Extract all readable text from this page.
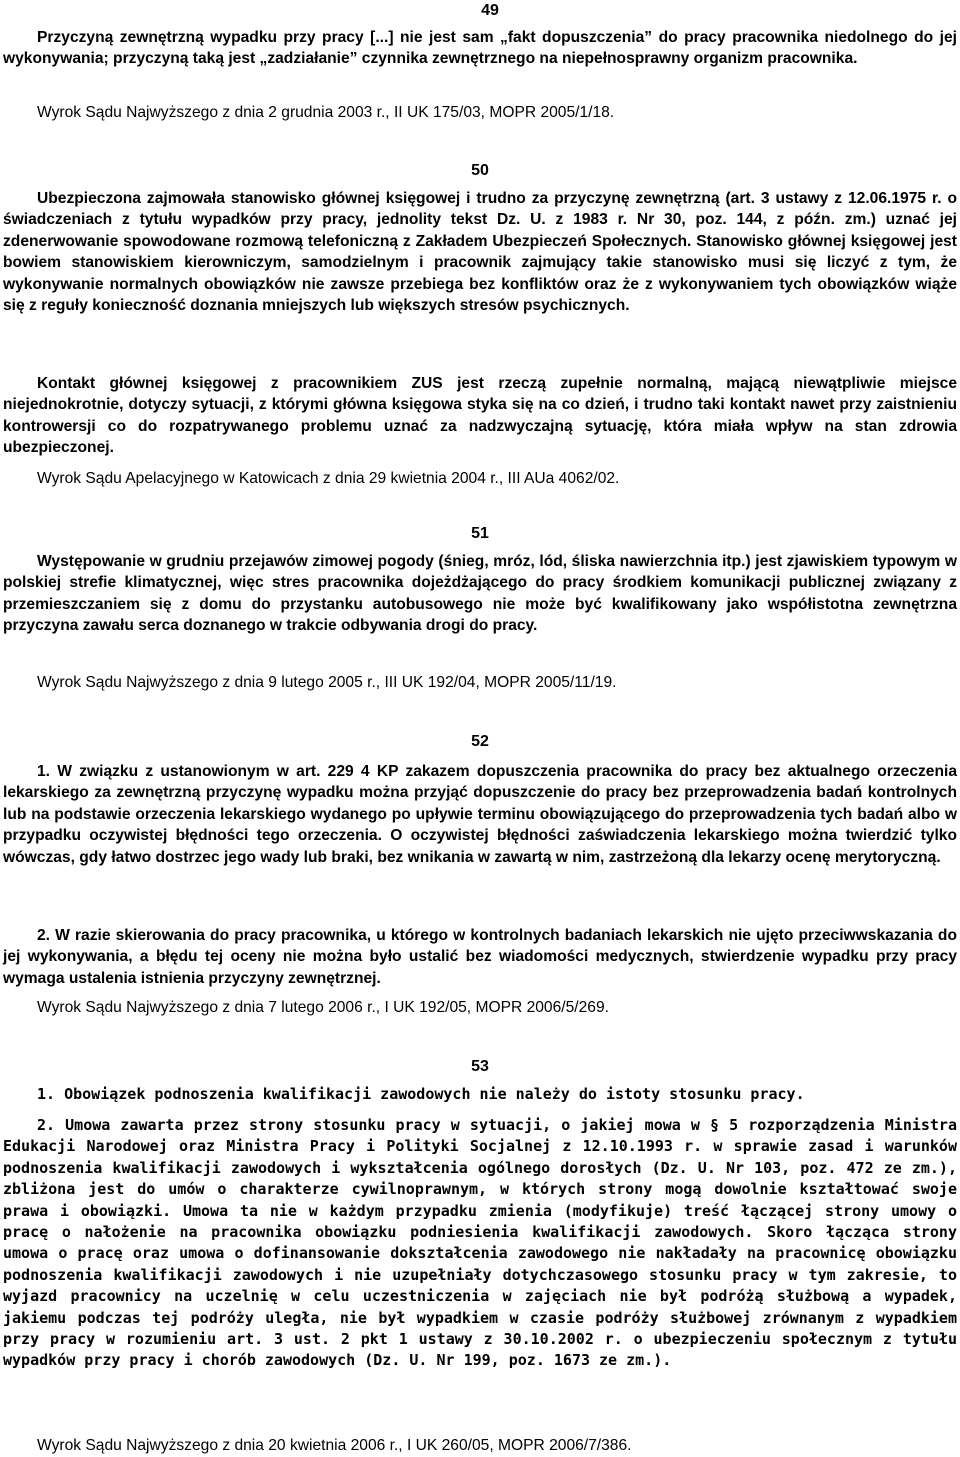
49

Przyczyną zewnętrzną wypadku przy pracy [...] nie jest sam „fakt dopuszczenia” do pracy pracownika niedolnego do jej wykonywania; przyczyną taką jest „zadziałanie” czynnika zewnętrznego na niepełnosprawny organizm pracownika.

Wyrok Sądu Najwyższego z dnia 2 grudnia 2003 r., II UK 175/03, MOPR 2005/1/18.

50

Ubezpieczona zajmowała stanowisko głównej księgowej i trudno za przyczynę zewnętrzną (art. 3 ustawy z 12.06.1975 r. o świadczeniach z tytułu wypadków przy pracy, jednolity tekst Dz. U. z 1983 r. Nr 30, poz. 144, z późn. zm.) uznać jej zdenerwowanie spowodowane rozmową telefoniczną z Zakładem Ubezpieczeń Społecznych. Stanowisko głównej księgowej jest bowiem stanowiskiem kierowniczym, samodzielnym i pracownik zajmujący takie stanowisko musi się liczyć z tym, że wykonywanie normalnych obowiązków nie zawsze przebiega bez konfliktów oraz że z wykonywaniem tych obowiązków wiąże się z reguły konieczność doznania mniejszych lub większych stresów psychicznych.

Kontakt głównej księgowej z pracownikiem ZUS jest rzeczą zupełnie normalną, mającą niewątpliwie miejsce niejednokrotnie, dotyczy sytuacji, z którymi główna księgowa styka się na co dzień, i trudno taki kontakt nawet przy zaistnieniu kontrowersji co do rozpatrywanego problemu uznać za nadzwyczajną sytuację, która miała wpływ na stan zdrowia ubezpieczonej.

Wyrok Sądu Apelacyjnego w Katowicach z dnia 29 kwietnia 2004 r., III AUa 4062/02.

51

Występowanie w grudniu przejawów zimowej pogody (śnieg, mróz, lód, śliska nawierzchnia itp.) jest zjawiskiem typowym w polskiej strefie klimatycznej, więc stres pracownika dojeżdżającego do pracy środkiem komunikacji publicznej związany z przemieszczaniem się z domu do przystanku autobusowego nie może być kwalifikowany jako współistotna zewnętrzna przyczyna zawału serca doznanego w trakcie odbywania drogi do pracy.

Wyrok Sądu Najwyższego z dnia 9 lutego 2005 r., III UK 192/04, MOPR 2005/11/19.

52

1. W związku z ustanowionym w art. 229 4 KP zakazem dopuszczenia pracownika do pracy bez aktualnego orzeczenia lekarskiego za zewnętrzną przyczynę wypadku można przyjąć dopuszczenie do pracy bez przeprowadzenia badań kontrolnych lub na podstawie orzeczenia lekarskiego wydanego po upływie terminu obowiązującego do przeprowadzenia tych badań albo w przypadku oczywistej błędności tego orzeczenia. O oczywistej błędności zaświadczenia lekarskiego można twierdzić tylko wówczas, gdy łatwo dostrzec jego wady lub braki, bez wnikania w zawartą w nim, zastrzeżoną dla lekarzy ocenę merytoryczną.

2. W razie skierowania do pracy pracownika, u którego w kontrolnych badaniach lekarskich nie ujęto przeciwwskazania do jej wykonywania, a błędu tej oceny nie można było ustalić bez wiadomości medycznych, stwierdzenie wypadku przy pracy wymaga ustalenia istnienia przyczyny zewnętrznej.

Wyrok Sądu Najwyższego z dnia 7 lutego 2006 r., I UK 192/05, MOPR 2006/5/269.

53

1. Obowiązek podnoszenia kwalifikacji zawodowych nie należy do istoty stosunku pracy.

2. Umowa zawarta przez strony stosunku pracy w sytuacji, o jakiej mowa w § 5 rozporządzenia Ministra Edukacji Narodowej oraz Ministra Pracy i Polityki Socjalnej z 12.10.1993 r. w sprawie zasad i warunków podnoszenia kwalifikacji zawodowych i wykształcenia ogólnego dorosłych (Dz. U. Nr 103, poz. 472 ze zm.), zbliżona jest do umów o charakterze cywilnoprawnym, w których strony mogą dowolnie kształtować swoje prawa i obowiązki. Umowa ta nie w każdym przypadku zmienia (modyfikuje) treść łączącej strony umowy o pracę o nałożenie na pracownika obowiązku podniesienia kwalifikacji zawodowych. Skoro łącząca strony umowa o pracę oraz umowa o dofinansowanie dokształcenia zawodowego nie nakładały na pracownicę obowiązku podnoszenia kwalifikacji zawodowych i nie uzupełniały dotychczasowego stosunku pracy w tym zakresie, to wyjazd pracownicy na uczelnię w celu uczestniczenia w zajęciach nie był podróżą służbową a wypadek, jakiemu podczas tej podróży uległa, nie był wypadkiem w czasie podróży służbowej zrównanym z wypadkiem przy pracy w rozumieniu art. 3 ust. 2 pkt 1 ustawy z 30.10.2002 r. o ubezpieczeniu społecznym z tytułu wypadków przy pracy i chorób zawodowych (Dz. U. Nr 199, poz. 1673 ze zm.).

Wyrok Sądu Najwyższego z dnia 20 kwietnia 2006 r., I UK 260/05, MOPR 2006/7/386.
